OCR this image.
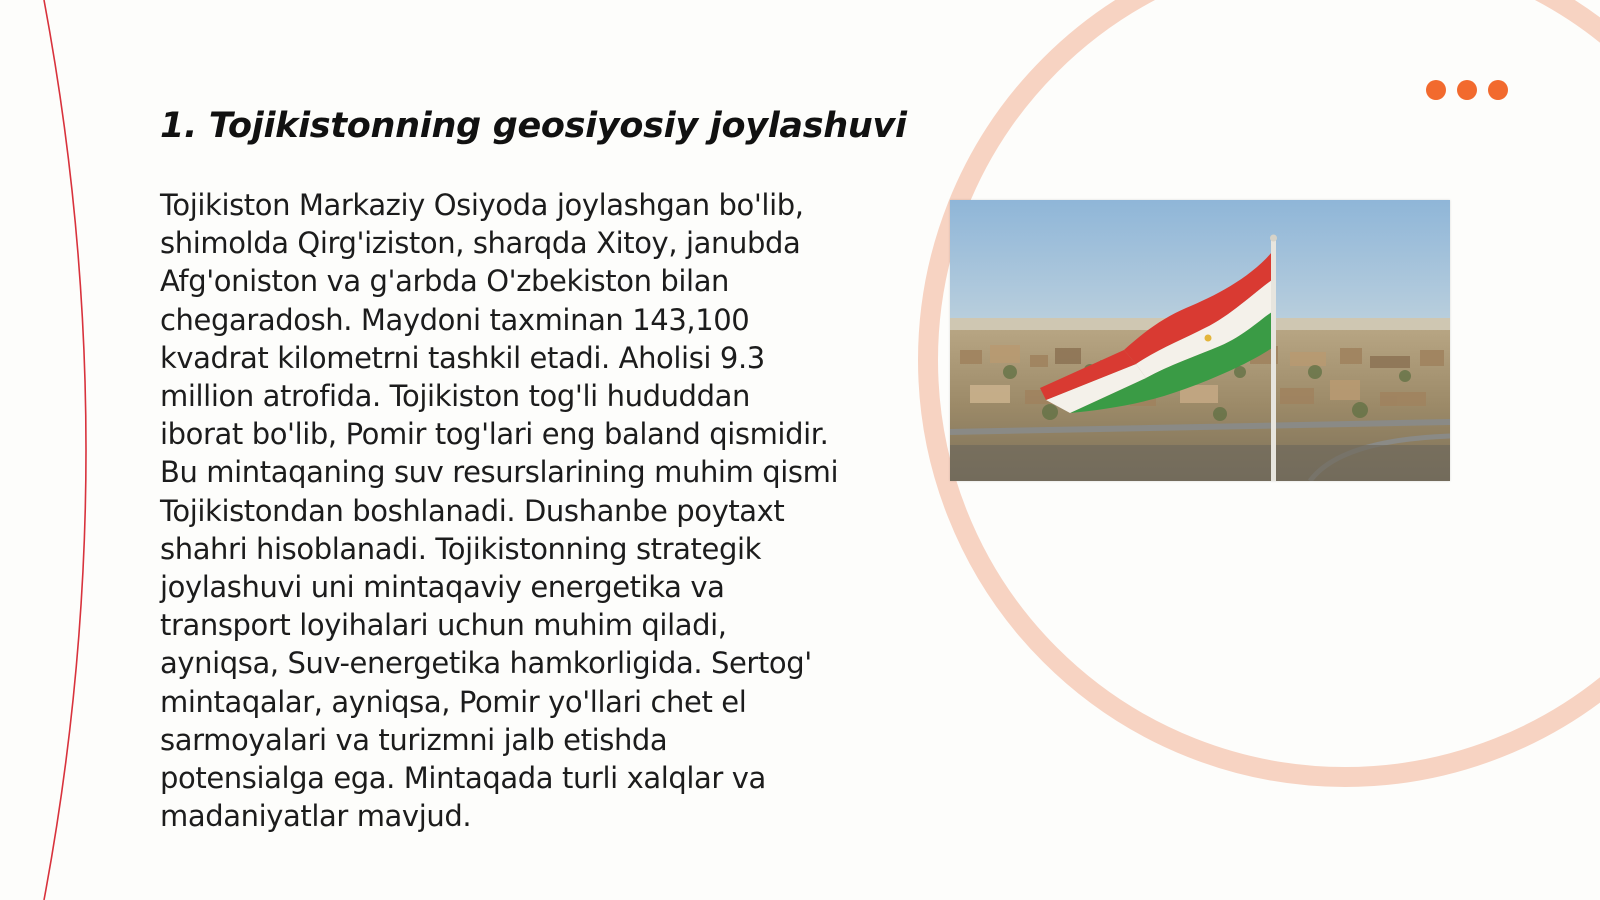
1. Tojikistonning geosiyosiy joylashuvi

Tojikiston Markaziy Osiyoda joylashgan bo'lib, shimolda Qirg'iziston, sharqda Xitoy, janubda Afg'oniston va g'arbda O'zbekiston bilan chegaradosh. Maydoni taxminan 143,100 kvadrat kilometrni tashkil etadi. Aholisi 9.3 million atrofida. Tojikiston tog'li hududdan iborat bo'lib, Pomir tog'lari eng baland qismidir. Bu mintaqaning suv resurslarining muhim qismi Tojikistondan boshlanadi. Dushanbe poytaxt shahri hisoblanadi. Tojikistonning strategik joylashuvi uni mintaqaviy energetika va transport loyihalari uchun muhim qiladi, ayniqsa, Suv-energetika hamkorligida. Sertog' mintaqalar, ayniqsa, Pomir yo'llari chet el sarmoyalari va turizmni jalb etishda potensialga ega. Mintaqada turli xalqlar va madaniyatlar mavjud.
